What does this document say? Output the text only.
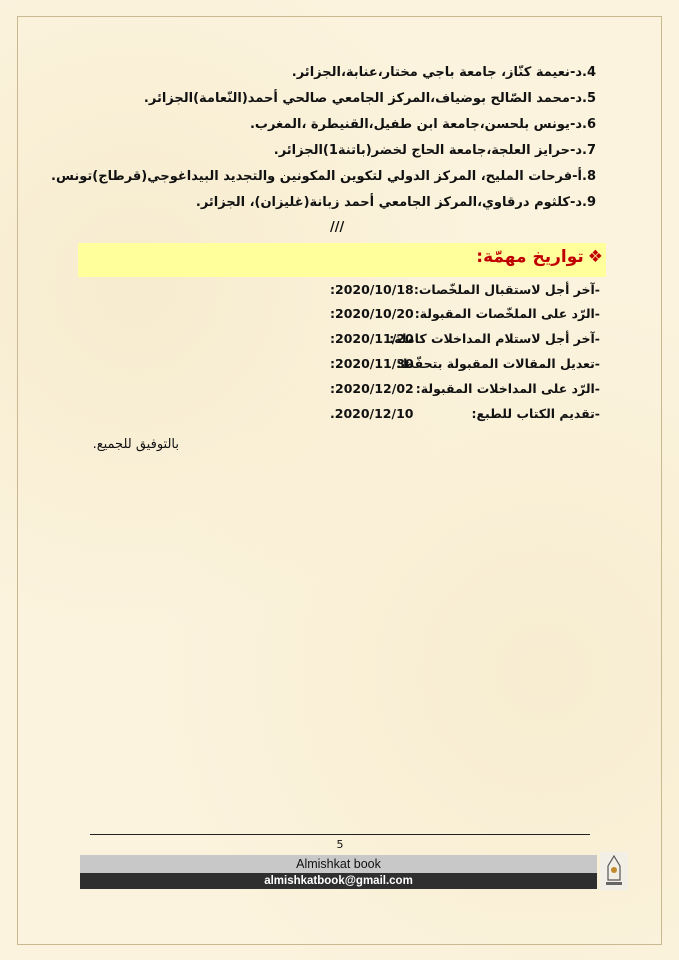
4.د-نعيمة كنّاز، جامعة باجي مختار،عنابة،الجزائر.
5.د-محمد الصّالح بوضياف،المركز الجامعي صالحي أحمد(النّعامة)الجزائر.
6.د-يونس بلحسن،جامعة ابن طفيل،القنيطرة ،المغرب.
7.د-حرايز العلجة،جامعة الحاج لخضر(باتنة1)الجزائر.
8.أ-فرحات المليح، المركز الدولي لتكوين المكونين والتجديد البيداغوجي(قرطاج)تونس.
9.د-كلثوم درقاوي،المركز الجامعي أحمد زبانة(غليزان)، الجزائر.
///
❖تواريخ مهمّة:
-آخر أجل لاستقبال الملخّصات:
:2020/10/18
-الرّد على الملخّصات المقبولة:
:2020/10/20
-آخر أجل لاستلام المداخلات كاملة:
:2020/11/20
-تعديل المقالات المقبولة بتحفّظ:
:2020/11/30
-الرّد على المداخلات المقبولة:
:2020/12/02
-تقديم الكتاب للطبع:
.2020/12/10
بالتوفيق للجميع.
5
Almishkat book
almishkatbook@gmail.com
